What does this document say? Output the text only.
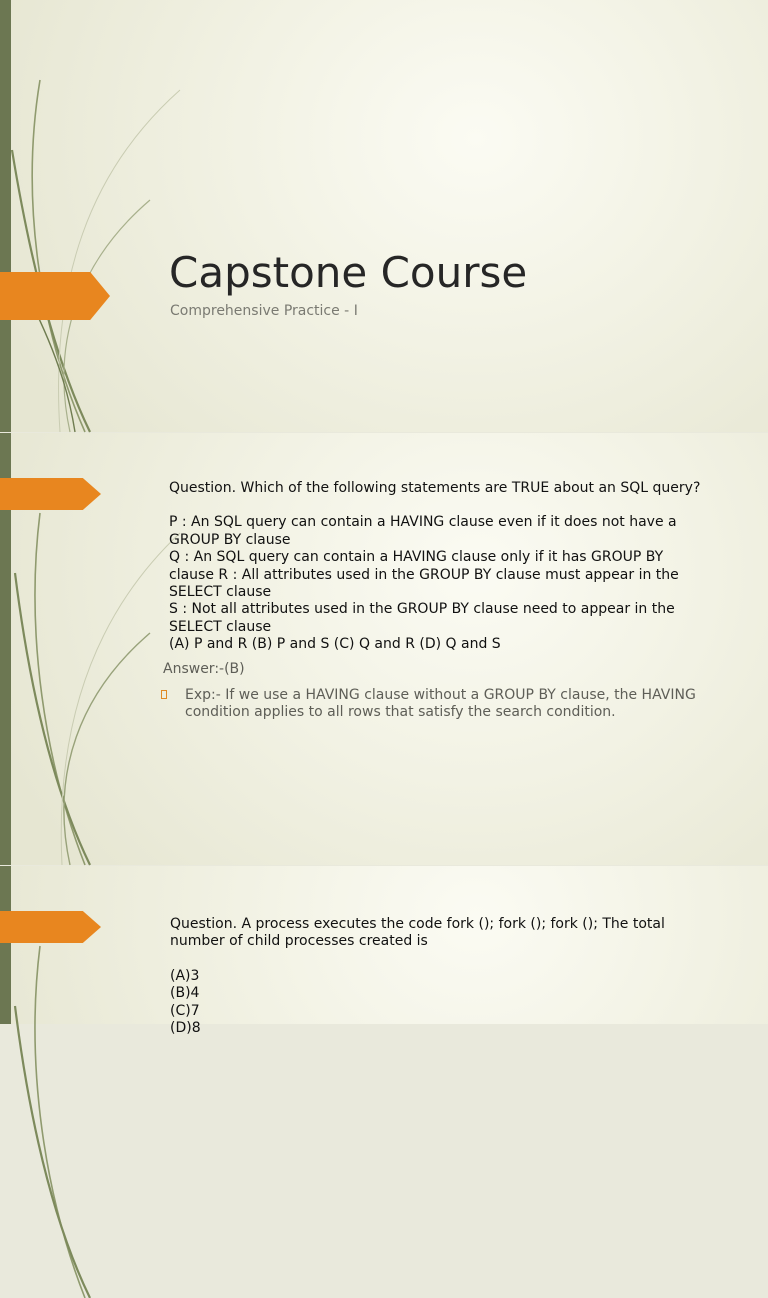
Capstone Course
Comprehensive Practice - I

Question. Which of the following statements are TRUE about an SQL query?

P : An SQL query can contain a HAVING clause even if it does not have a

GROUP BY clause

Q : An SQL query can contain a HAVING clause only if it has GROUP BY

clause R : All attributes used in the GROUP BY clause must appear in the

SELECT clause

S : Not all attributes used in the GROUP BY clause need to appear in the

SELECT clause

(A) P and R (B) P and S (C) Q and R (D) Q and S

Answer:-(B)
Exp:- If we use a HAVING clause without a GROUP BY clause, the HAVING condition applies to all rows that satisfy the search condition.

Question. A process executes the code fork (); fork (); fork (); The total

number of child processes created is

(A)3

(B)4

(C)7

(D)8
